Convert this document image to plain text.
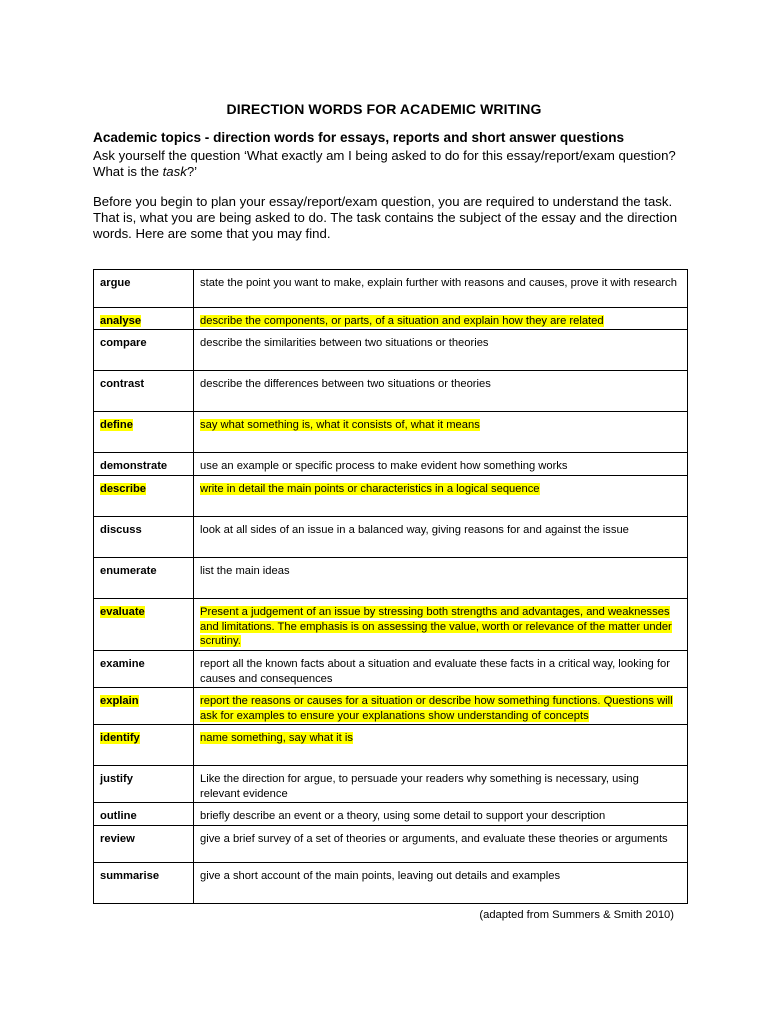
DIRECTION WORDS FOR ACADEMIC WRITING
Academic topics - direction words for essays, reports and short answer questions

Ask yourself the question ‘What exactly am I being asked to do for this essay/report/exam question? What is the task?’

Before you begin to plan your essay/report/exam question, you are required to understand the task. That is, what you are being asked to do. The task contains the subject of the essay and the direction words. Here are some that you may find.

argue	state the point you want to make, explain further with reasons and causes, prove it with research
analyse	describe the components, or parts, of a situation and explain how they are related
compare	describe the similarities between two situations or theories
contrast	describe the differences between two situations or theories
define	say what something is, what it consists of, what it means
demonstrate	use an example or specific process to make evident how something works
describe	write in detail the main points or characteristics in a logical sequence
discuss	look at all sides of an issue in a balanced way, giving reasons for and against the issue
enumerate	list the main ideas
evaluate	Present a judgement of an issue by stressing both strengths and advantages, and weaknesses and limitations. The emphasis is on assessing the value, worth or relevance of the matter under scrutiny.
examine	report all the known facts about a situation and evaluate these facts in a critical way, looking for causes and consequences
explain	report the reasons or causes for a situation or describe how something functions. Questions will ask for examples to ensure your explanations show understanding of concepts
identify	name something, say what it is
justify	Like the direction for argue, to persuade your readers why something is necessary, using relevant evidence
outline	briefly describe an event or a theory, using some detail to support your description
review	give a brief survey of a set of theories or arguments, and evaluate these theories or arguments
summarise	give a short account of the main points, leaving out details and examples
(adapted from Summers & Smith 2010)
